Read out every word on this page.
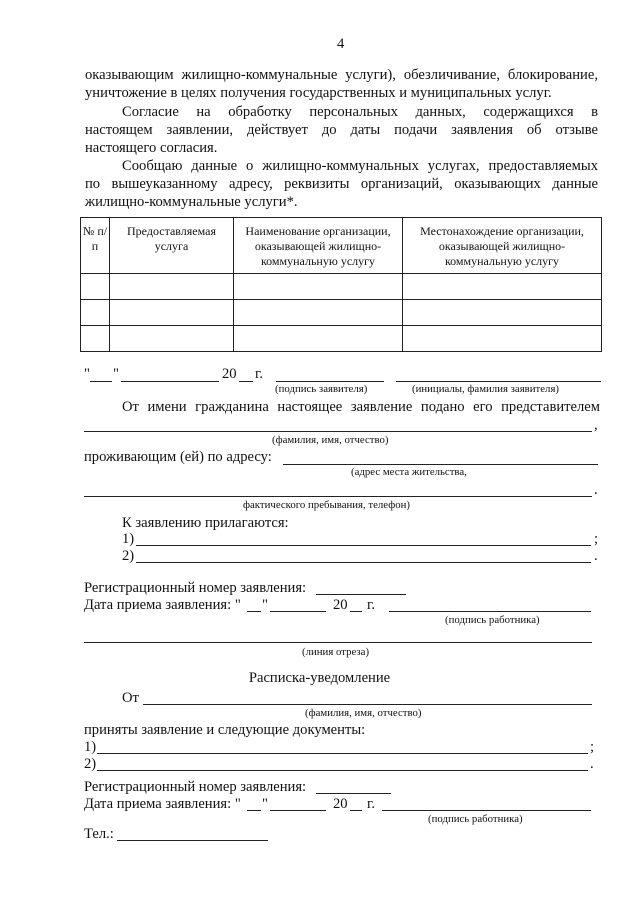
4
оказывающим жилищно-коммунальные услуги), обезличивание, блокирование,
уничтожение в целях получения государственных и муниципальных услуг.
Согласие на обработку персональных данных, содержащихся в
настоящем заявлении, действует до даты подачи заявления об отзыве
настоящего согласия.
Сообщаю данные о жилищно-коммунальных услугах, предоставляемых
по вышеуказанному адресу, реквизиты организаций, оказывающих данные
жилищно-коммунальные услуги*.
№ п/п	Предоставляемая услуга	Наименование организации, оказывающей жилищно-коммунальную услугу	Местонахождение организации, оказывающей жилищно-коммунальную услугу

" "	20 г.
(подпись заявителя)	(инициалы, фамилия заявителя)
От имени гражданина настоящее заявление подано его представителем
,
(фамилия, имя, отчество)
проживающим (ей) по адресу:
(адрес места жительства,
.
фактического пребывания, телефон)
К заявлению прилагаются:
1)	;
2)	.
Регистрационный номер заявления:
Дата приема заявления: " "	20 г.
(подпись работника)
(линия отреза)
Расписка-уведомление
От
(фамилия, имя, отчество)
приняты заявление и следующие документы:
1)	;
2)	.
Регистрационный номер заявления:
Дата приема заявления: " "	20 г.
(подпись работника)
Тел.:
